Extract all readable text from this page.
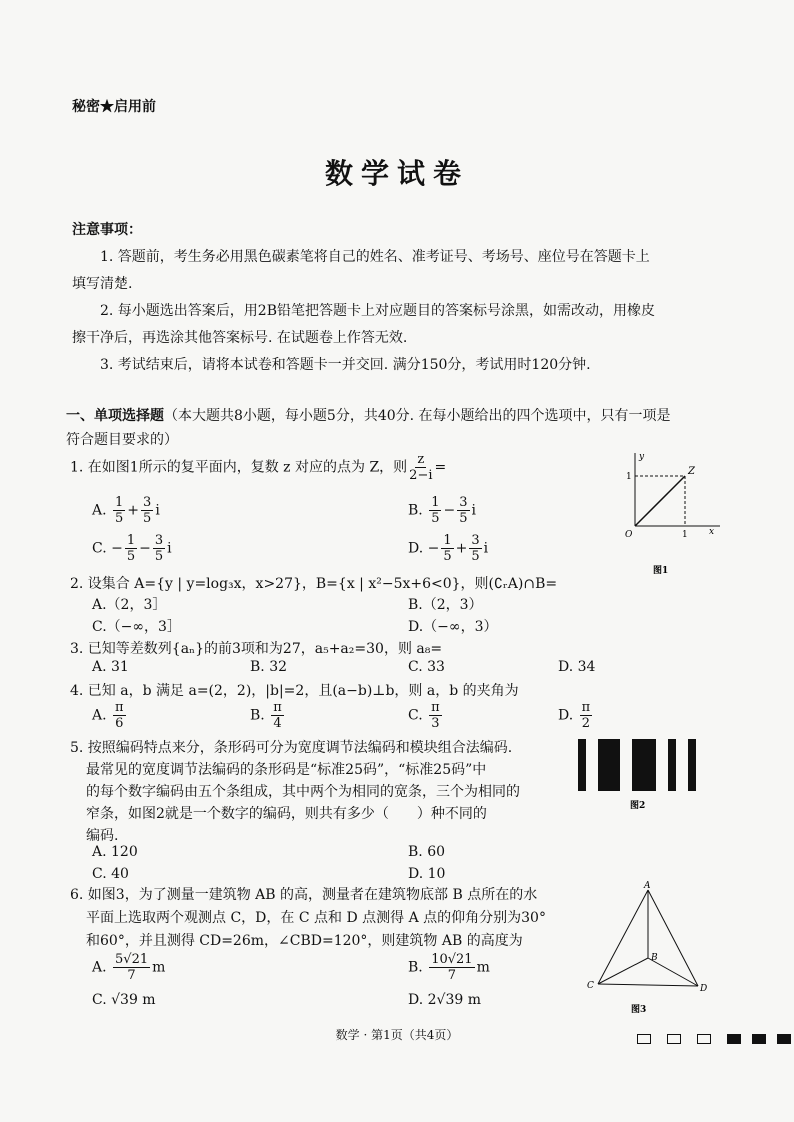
秘密★启用前
数学试卷
注意事项：
1. 答题前，考生务必用黑色碳素笔将自己的姓名、准考证号、考场号、座位号在答题卡上
填写清楚.
2. 每小题选出答案后，用2B铅笔把答题卡上对应题目的答案标号涂黑，如需改动，用橡皮
擦干净后，再选涂其他答案标号. 在试题卷上作答无效.
3. 考试结束后，请将本试卷和答题卡一并交回. 满分150分，考试用时120分钟.
一、单项选择题（本大题共8小题，每小题5分，共40分. 在每小题给出的四个选项中，只有一项是
符合题目要求的）
1. 在如图1所示的复平面内，复数 z 对应的点为 Z，则 $\frac{z}{2-i}$ =
A. $\frac{1}{5} + \frac{3}{5}$ i	B. $\frac{1}{5} - \frac{3}{5}$ i
C. − $\frac{1}{5} - \frac{3}{5}$ i	D. − $\frac{1}{5} + \frac{3}{5}$ i
y
1	Z
O	1 x
图1
2. 设集合 A={y | y=log₃x，x>27}，B={x | x²−5x+6<0}，则(∁ᵣA)∩B=
A.（2，3］	B.（2，3）
C.（−∞，3］	D.（−∞，3）
3. 已知等差数列{aₙ}的前3项和为27，a₅+a₂=30，则 a₈=
A. 31	B. 32	C. 33	D. 34
4. 已知 a，b 满足 a=(2，2)，|b|=2，且(a−b)⊥b，则 a，b 的夹角为
A. $\frac{\pi}{6}$	B. $\frac{\pi}{4}$	C. $\frac{\pi}{3}$	D. $\frac{\pi}{2}$
5. 按照编码特点来分，条形码可分为宽度调节法编码和模块组合法编码.
最常见的宽度调节法编码的条形码是“标准25码”，“标准25码”中
的每个数字编码由五个条组成，其中两个为相同的宽条，三个为相同的
窄条，如图2就是一个数字的编码，则共有多少（　　）种不同的
编码.
A. 120	B. 60
C. 40	D. 10
图2
6. 如图3，为了测量一建筑物 AB 的高，测量者在建筑物底部 B 点所在的水
平面上选取两个观测点 C，D，在 C 点和 D 点测得 A 点的仰角分别为30°
和60°，并且测得 CD=26m，∠CBD=120°，则建筑物 AB 的高度为
A. $\frac{5√21}{7}$ m	B. $\frac{10√21}{7}$ m
C. √39 m	D. 2√39 m
A
B
C	D
图3
数学 · 第1页（共4页）
